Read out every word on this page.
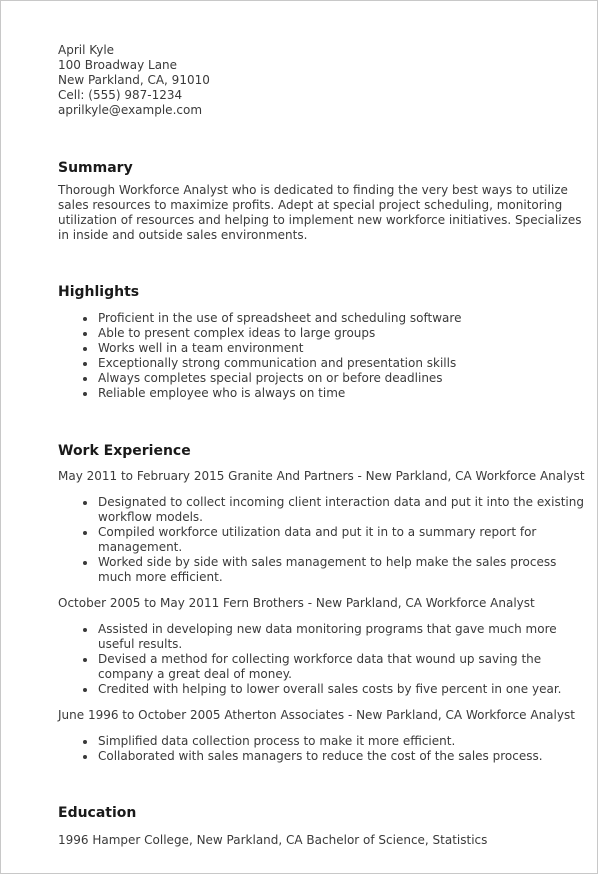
April Kyle
100 Broadway Lane
New Parkland, CA, 91010
Cell: (555) 987-1234
aprilkyle@example.com
Summary
Thorough Workforce Analyst who is dedicated to finding the very best ways to utilize sales resources to maximize profits. Adept at special project scheduling, monitoring utilization of resources and helping to implement new workforce initiatives. Specializes in inside and outside sales environments.
Highlights
Proficient in the use of spreadsheet and scheduling software
Able to present complex ideas to large groups
Works well in a team environment
Exceptionally strong communication and presentation skills
Always completes special projects on or before deadlines
Reliable employee who is always on time
Work Experience
May 2011 to February 2015 Granite And Partners - New Parkland, CA Workforce Analyst
Designated to collect incoming client interaction data and put it into the existing workflow models.
Compiled workforce utilization data and put it in to a summary report for management.
Worked side by side with sales management to help make the sales process much more efficient.
October 2005 to May 2011 Fern Brothers - New Parkland, CA Workforce Analyst
Assisted in developing new data monitoring programs that gave much more useful results.
Devised a method for collecting workforce data that wound up saving the company a great deal of money.
Credited with helping to lower overall sales costs by five percent in one year.
June 1996 to October 2005 Atherton Associates - New Parkland, CA Workforce Analyst
Simplified data collection process to make it more efficient.
Collaborated with sales managers to reduce the cost of the sales process.
Education
1996 Hamper College, New Parkland, CA Bachelor of Science, Statistics
